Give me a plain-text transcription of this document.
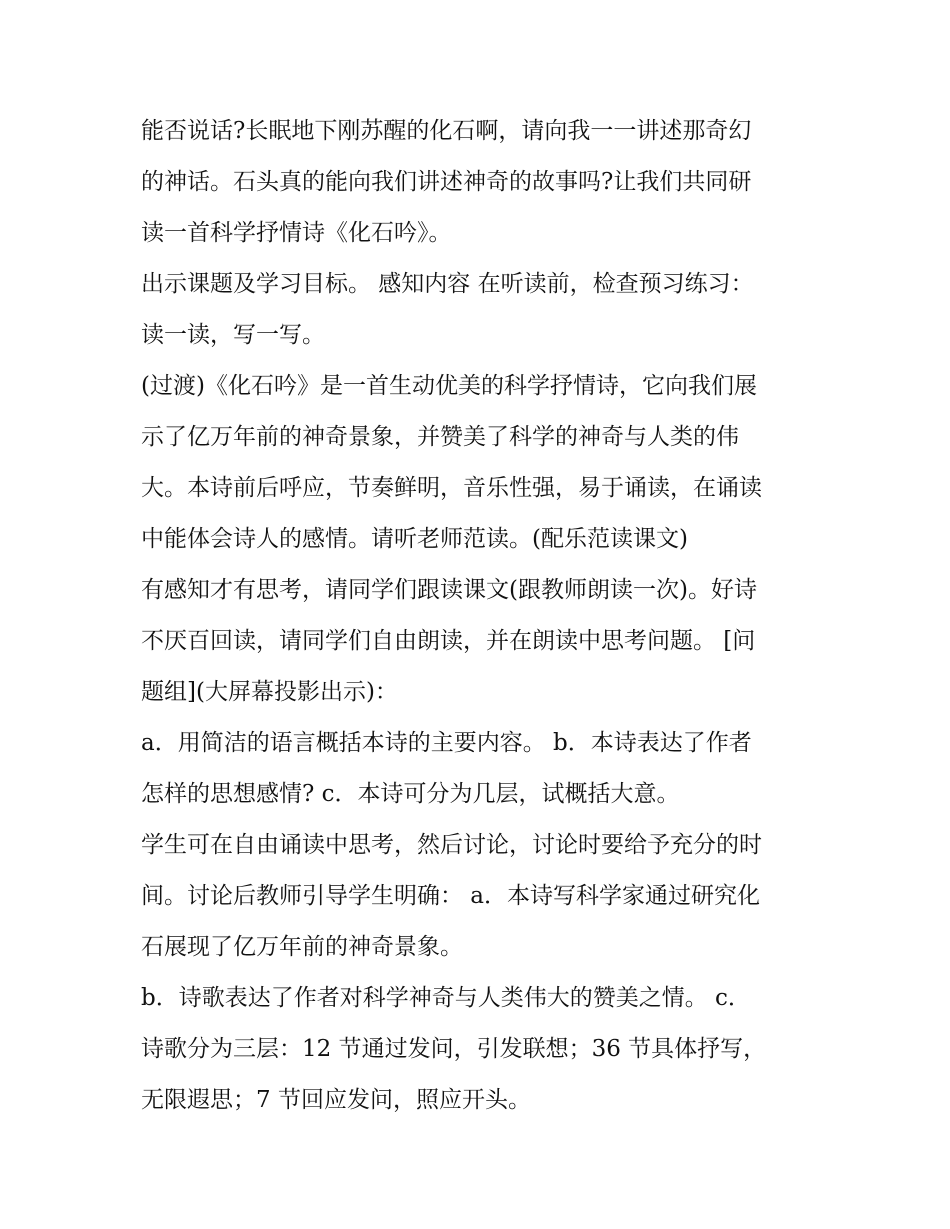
能否说话?长眠地下刚苏醒的化石啊，请向我一一讲述那奇幻

的神话。石头真的能向我们讲述神奇的故事吗?让我们共同研

读一首科学抒情诗《化石吟》。

出示课题及学习目标。 感知内容 在听读前，检查预习练习：

读一读，写一写。

(过渡)《化石吟》是一首生动优美的科学抒情诗，它向我们展

示了亿万年前的神奇景象，并赞美了科学的神奇与人类的伟

大。本诗前后呼应，节奏鲜明，音乐性强，易于诵读，在诵读

中能体会诗人的感情。请听老师范读。(配乐范读课文)

有感知才有思考，请同学们跟读课文(跟教师朗读一次)。好诗

不厌百回读，请同学们自由朗读，并在朗读中思考问题。 [问

题组](大屏幕投影出示)：

a．用简洁的语言概括本诗的主要内容。 b．本诗表达了作者

怎样的思想感情? c．本诗可分为几层，试概括大意。

学生可在自由诵读中思考，然后讨论，讨论时要给予充分的时

间。讨论后教师引导学生明确： a．本诗写科学家通过研究化

石展现了亿万年前的神奇景象。

b．诗歌表达了作者对科学神奇与人类伟大的赞美之情。 c．

诗歌分为三层：12 节通过发问，引发联想；36 节具体抒写，

无限遐思；7 节回应发问，照应开头。
